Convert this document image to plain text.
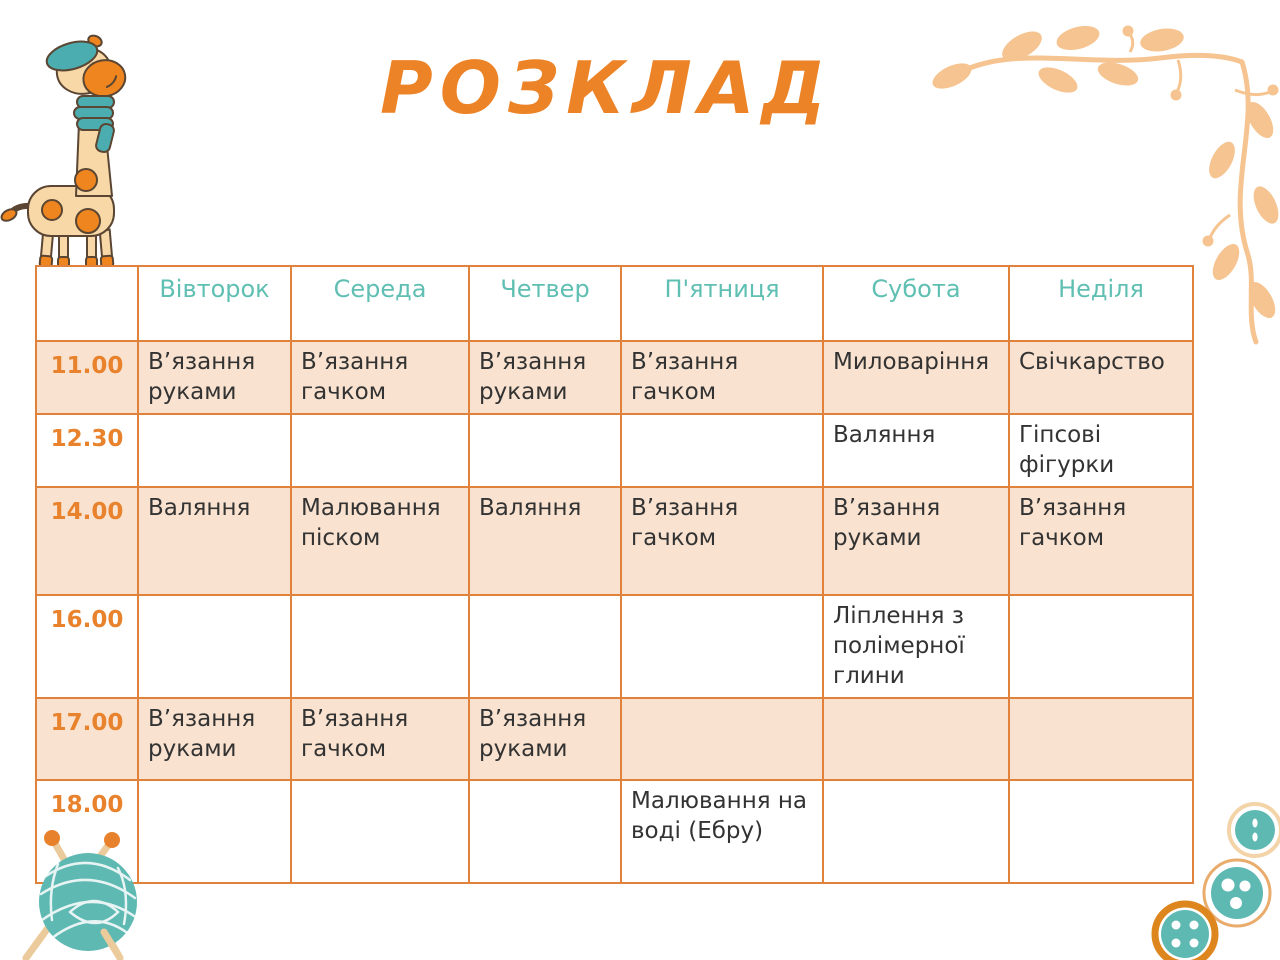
РОЗКЛАД
	Вівторок	Середа	Четвер	П'ятниця	Субота	Неділя
11.00	В’язання руками	В’язання гачком	В’язання руками	В’язання гачком	Миловаріння	Свічкарство
12.30					Валяння	Гіпсові фігурки
14.00	Валяння	Малювання піском	Валяння	В’язання гачком	В’язання руками	В’язання гачком
16.00					Ліплення з полімерної глини	
17.00	В’язання руками	В’язання гачком	В’язання руками			
18.00				Малювання на воді (Ебру)		
